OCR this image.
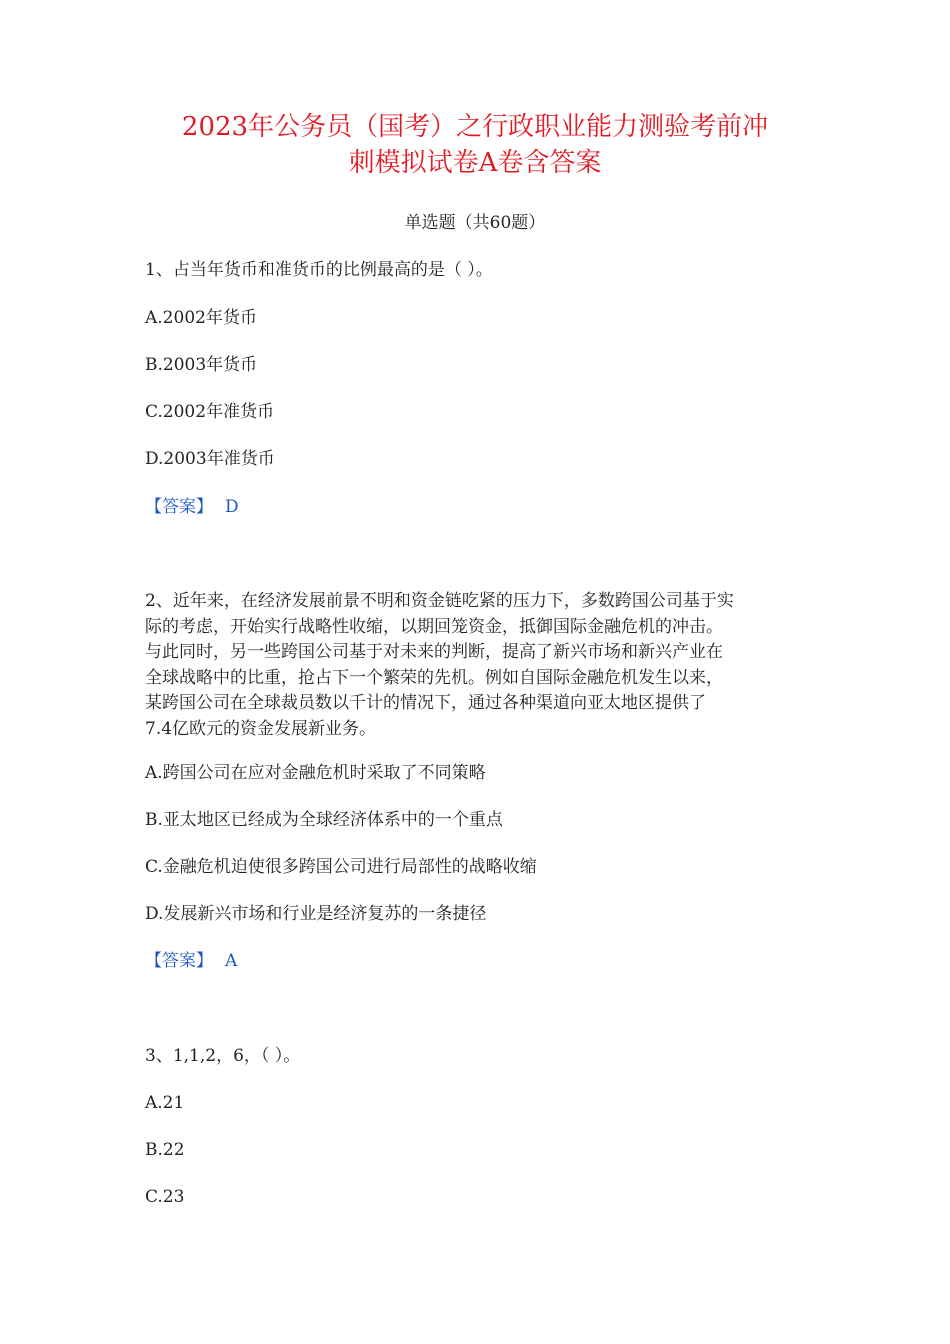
2023年公务员（国考）之行政职业能力测验考前冲
刺模拟试卷A卷含答案
单选题（共60题）
1、占当年货币和准货币的比例最高的是（ ）。
A.2002年货币
B.2003年货币
C.2002年准货币
D.2003年准货币
【答案】 D
2、近年来，在经济发展前景不明和资金链吃紧的压力下，多数跨国公司基于实
际的考虑，开始实行战略性收缩，以期回笼资金，抵御国际金融危机的冲击。
与此同时，另一些跨国公司基于对未来的判断，提高了新兴市场和新兴产业在
全球战略中的比重，抢占下一个繁荣的先机。例如自国际金融危机发生以来，
某跨国公司在全球裁员数以千计的情况下，通过各种渠道向亚太地区提供了
7.4亿欧元的资金发展新业务。
A.跨国公司在应对金融危机时采取了不同策略
B.亚太地区已经成为全球经济体系中的一个重点
C.金融危机迫使很多跨国公司进行局部性的战略收缩
D.发展新兴市场和行业是经济复苏的一条捷径
【答案】 A
3、1,1,2，6，（ ）。
A.21
B.22
C.23
